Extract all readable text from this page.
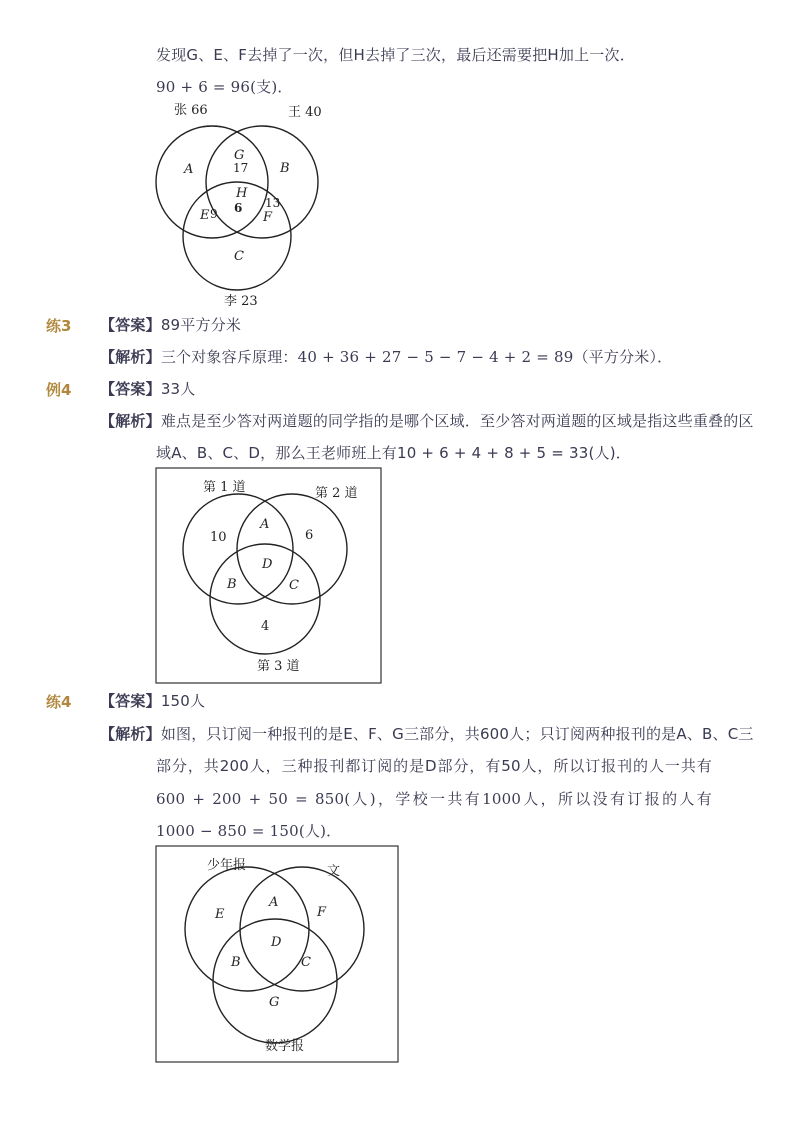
发现G、E、F去掉了一次，但H去掉了三次，最后还需要把H加上一次．
90 + 6 = 96(支)．
张 66	王 40
李 23
A	B
C
G
17
H
6
E 9	F
13
练3 【答案】89平方分米
【解析】三个对象容斥原理：40 + 36 + 27 − 5 − 7 − 4 + 2 = 89（平方分米）．
例4 【答案】33人
【解析】难点是至少答对两道题的同学指的是哪个区域．至少答对两道题的区域是指这些重叠的区
域A、B、C、D，那么王老师班上有10 + 6 + 4 + 8 + 5 = 33(人)．
第 1 道	第 2 道
第 3 道
10	6
4
A
B	C
D
练4 【答案】150人
【解析】如图，只订阅一种报刊的是E、F、G三部分，共600人；只订阅两种报刊的是A、B、C三
部分，共200人，三种报刊都订阅的是D部分，有50人，所以订报刊的人一共有
600 + 200 + 50 = 850(人)，学校一共有1000人，所以没有订报的人有
1000 − 850 = 150(人)．
少年报	文
数学报
E	F
G
A
B	C
D
